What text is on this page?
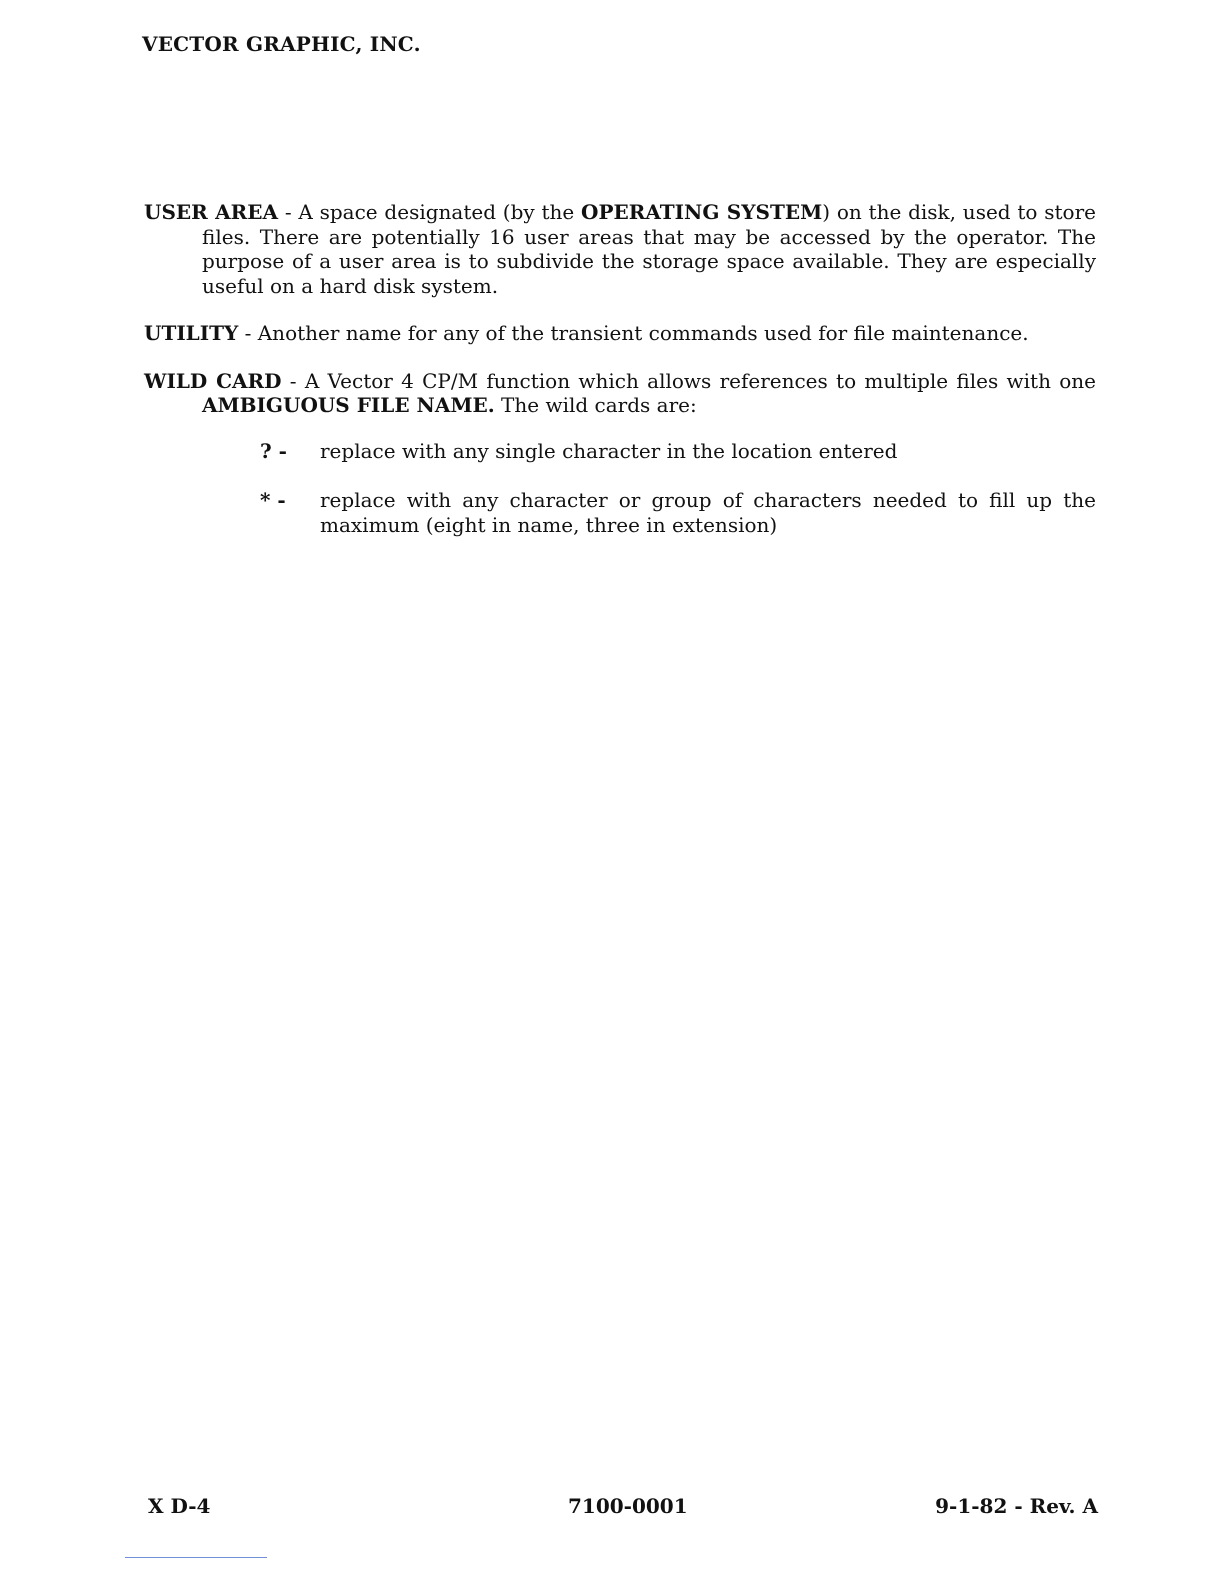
VECTOR GRAPHIC, INC.

USER AREA - A space designated (by the OPERATING SYSTEM) on the disk, used to store files. There are potentially 16 user areas that may be accessed by the operator. The purpose of a user area is to subdivide the storage space available. They are especially useful on a hard disk system.

UTILITY - Another name for any of the transient commands used for file maintenance.

WILD CARD - A Vector 4 CP/M function which allows references to multiple files with one AMBIGUOUS FILE NAME. The wild cards are:

? - replace with any single character in the location entered
* - replace with any character or group of characters needed to fill up the maximum (eight in name, three in extension)
X D-4	7100-0001	9-1-82 - Rev. A
